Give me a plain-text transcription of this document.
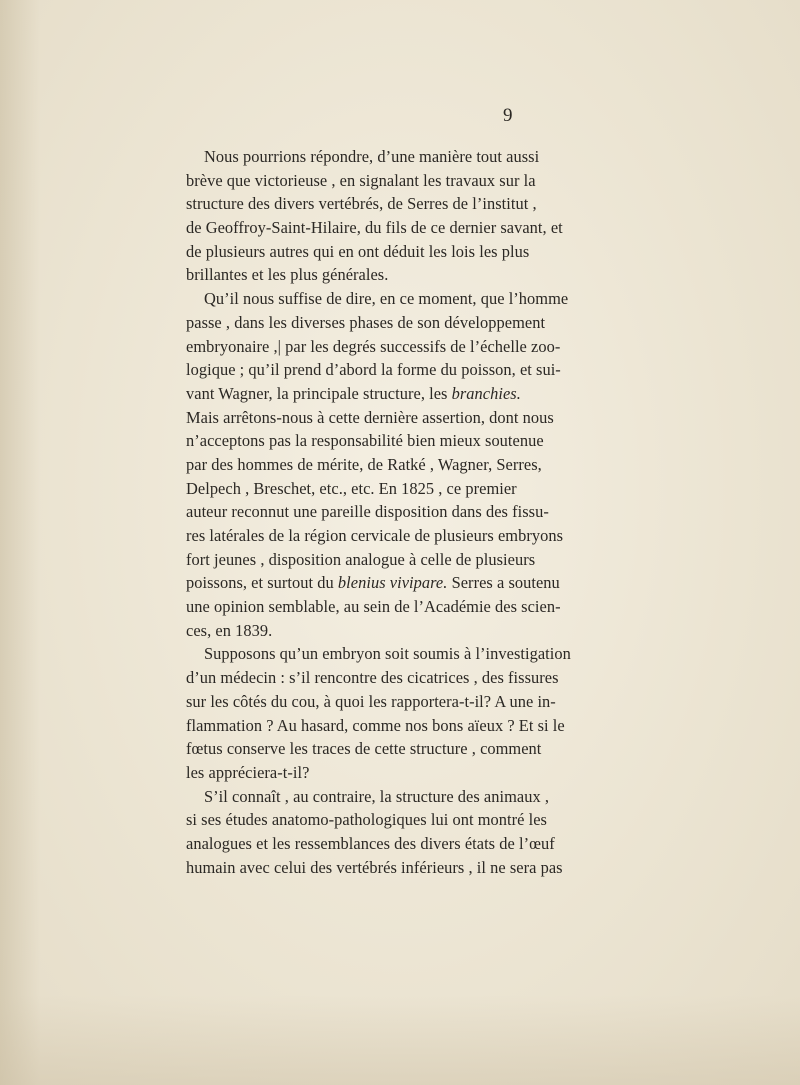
9
Nous pourrions répondre, d’une manière tout aussi
brève que victorieuse , en signalant les travaux sur la
structure des divers vertébrés, de Serres de l’institut ,
de Geoffroy-Saint-Hilaire, du fils de ce dernier savant, et
de plusieurs autres qui en ont déduit les lois les plus
brillantes et les plus générales.
Qu’il nous suffise de dire, en ce moment, que l’homme
passe , dans les diverses phases de son développement
embryonaire ,| par les degrés successifs de l’échelle zoo-
logique ; qu’il prend d’abord la forme du poisson, et sui-
vant Wagner, la principale structure, les branchies.
Mais arrêtons-nous à cette dernière assertion, dont nous
n’acceptons pas la responsabilité bien mieux soutenue
par des hommes de mérite, de Ratké , Wagner, Serres,
Delpech , Breschet, etc., etc. En 1825 , ce premier
auteur reconnut une pareille disposition dans des fissu-
res latérales de la région cervicale de plusieurs embryons
fort jeunes , disposition analogue à celle de plusieurs
poissons, et surtout du blenius vivipare. Serres a soutenu
une opinion semblable, au sein de l’Académie des scien-
ces, en 1839.
Supposons qu’un embryon soit soumis à l’investigation
d’un médecin : s’il rencontre des cicatrices , des fissures
sur les côtés du cou, à quoi les rapportera-t-il? A une in-
flammation ? Au hasard, comme nos bons aïeux ? Et si le
fœtus conserve les traces de cette structure , comment
les appréciera-t-il?
S’il connaît , au contraire, la structure des animaux ,
si ses études anatomo-pathologiques lui ont montré les
analogues et les ressemblances des divers états de l’œuf
humain avec celui des vertébrés inférieurs , il ne sera pas
